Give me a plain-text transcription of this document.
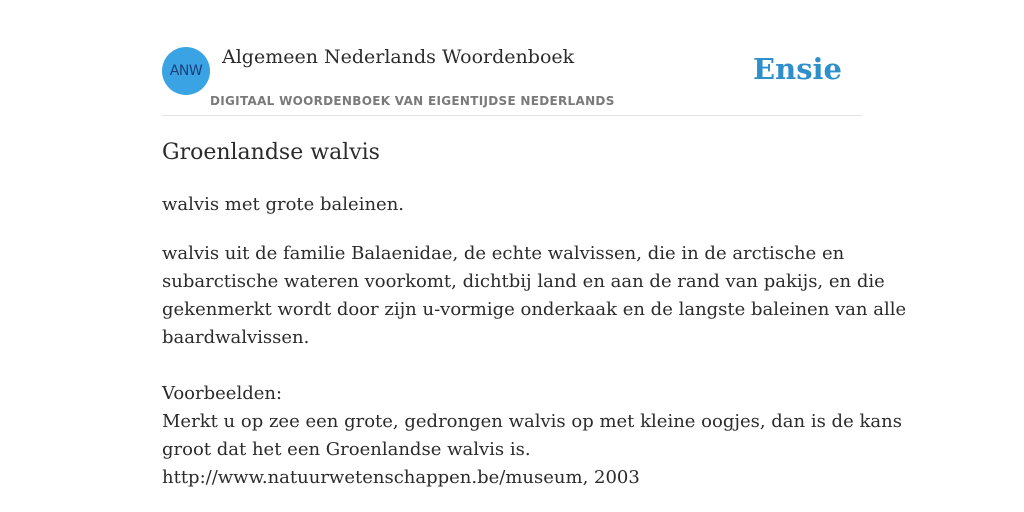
ANW
Algemeen Nederlands Woordenboek
DIGITAAL WOORDENBOEK VAN EIGENTIJDSE NEDERLANDS
Ensie
Groenlandse walvis
walvis met grote baleinen.
walvis uit de familie Balaenidae, de echte walvissen, die in de arctische en
subarctische wateren voorkomt, dichtbij land en aan de rand van pakijs, en die
gekenmerkt wordt door zijn u-vormige onderkaak en de langste baleinen van alle
baardwalvissen.
Voorbeelden:
Merkt u op zee een grote, gedrongen walvis op met kleine oogjes, dan is de kans
groot dat het een Groenlandse walvis is.
http://www.natuurwetenschappen.be/museum, 2003
